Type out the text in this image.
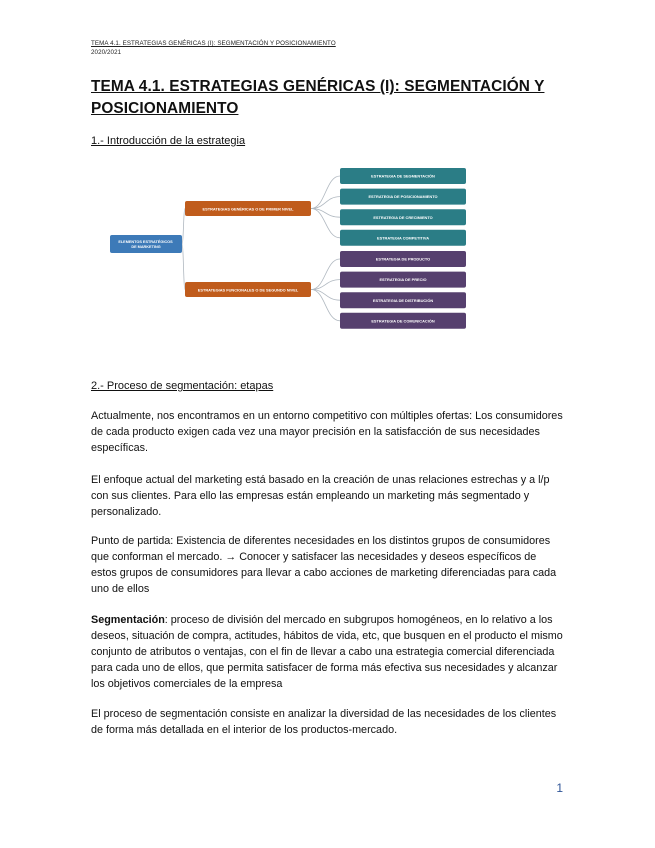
TEMA 4.1. ESTRATEGIAS GENÉRICAS (I): SEGMENTACIÓN Y POSICIONAMIENTO
2020/2021
TEMA 4.1. ESTRATEGIAS GENÉRICAS (I): SEGMENTACIÓN Y POSICIONAMIENTO
1.- Introducción de la estrategia
ELEMENTOS ESTRATÉGICOS DE MARKETING
ESTRATEGIAS GENÉRICAS O DE PRIMER NIVEL
ESTRATEGIAS FUNCIONALES O DE SEGUNDO NIVEL
ESTRATEGIA DE SEGMENTACIÓN
ESTRATEGIA DE POSICIONAMIENTO
ESTRATEGIA DE CRECIMIENTO
ESTRATEGIA COMPETITIVA
ESTRATEGIA DE PRODUCTO
ESTRATEGIA DE PRECIO
ESTRATEGIA DE DISTRIBUCIÓN
ESTRATEGIA DE COMUNICACIÓN
2.- Proceso de segmentación: etapas

Actualmente, nos encontramos en un entorno competitivo con múltiples ofertas: Los consumidores de cada producto exigen cada vez una mayor precisión en la satisfacción de sus necesidades específicas.

El enfoque actual del marketing está basado en la creación de unas relaciones estrechas y a l/p con sus clientes. Para ello las empresas están empleando un marketing más segmentado y personalizado.

Punto de partida: Existencia de diferentes necesidades en los distintos grupos de consumidores que conforman el mercado. → Conocer y satisfacer las necesidades y deseos específicos de estos grupos de consumidores para llevar a cabo acciones de marketing diferenciadas para cada uno de ellos

Segmentación: proceso de división del mercado en subgrupos homogéneos, en lo relativo a los deseos, situación de compra, actitudes, hábitos de vida, etc, que busquen en el producto el mismo conjunto de atributos o ventajas, con el fin de llevar a cabo una estrategia comercial diferenciada para cada uno de ellos, que permita satisfacer de forma más efectiva sus necesidades y alcanzar los objetivos comerciales de la empresa

El proceso de segmentación consiste en analizar la diversidad de las necesidades de los clientes de forma más detallada en el interior de los productos-mercado.

1
